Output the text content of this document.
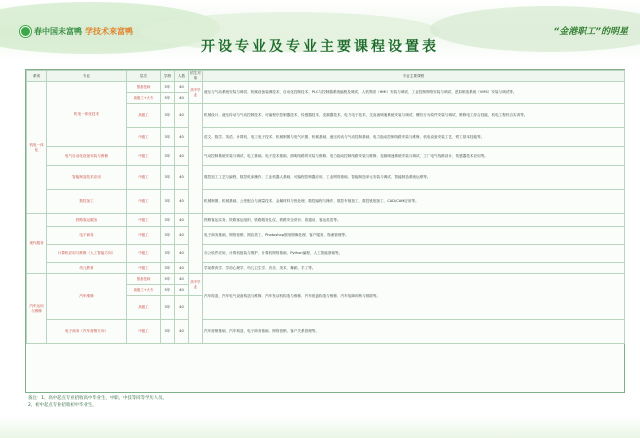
春中国未富鸭 学技术来富鸭	“金港职工”的明星
开设专业及专业主要课程设置表
系别	专业	层次	学制	人数	招生对象	专业主要课程
机电一体化	机电一体化技术	预备技师	5年	40	高中毕业	液压与气动系统安装与调试、机械设备装调技术、自动化控制技术、PLC与控制器系统编程及调试、人机界面（HMI）安装与调试、工业控制网络安装与调试、虚拟制造系统（VMS）安装与调试等。
		高级工+大专	5年	40		
		高级工	3年	40		机械设计、液压传动与气动控制技术、可编程序控制器技术、传感器技术、变频器技术、电力电子技术、交直流调速系统安装与调试、螺纹行为原件安装与调试、维修电工综合技能、机电工程综合实训等。
		中级工	3年	40		语文、数学、英语、计算机、电工电子技术、机械制图与电气识图、机械基础、液压传动与气动控制基础、电力拖动控制线路安装与维修、机电设备安装工艺、钳工基本技能等。
	电气自动化设备安装与维修	中级工	3年	40		气动控制系统安装与调试、电工基础、电子技术基础、照明线路的安装与维修、电力拖动控制线路安装与维修、变频调速系统安装与调试、工厂电气线路设计、传感器技术应用等。
	智能制造技术应用	中级工	3年	40		数控加工工艺与编程、数控机床操作、工业机器人基础、可编程控制器应用、工业网络基础、智能制造单元安装与调试、智能制造系统运维等。
	数控加工	中级工	3年	40		机械制图、机械基础、公差配合与测量技术、金属材料与热处理、数控编程与操作、数控车削加工、数控铣削加工、CAD/CAM应用等。
现代服务	铁路客运服务	中级工	3年	40		铁路客运实务、铁路客运组织、铁路服务礼仪、铁路安全常识、普通话、客运英语等。
	电子商务	中级工	3年	40		电子商务基础、网络营销、网店美工、Photoshop图形图像处理、客户服务、物流管理等。
	计算机应用与维修（人工智能方向）	中级工	3年	40		办公软件应用、计算机组装与维护、计算机网络基础、Python编程、人工智能基础等。
	幼儿教育	中级工	3年	40		学前教育学、学前心理学、幼儿卫生学、音乐、美术、舞蹈、手工等。
汽车运用与维修	汽车维修	预备技师	5年	40	高中毕业	汽车构造、汽车电气设备构造与维修、汽车发动机构造与维修、汽车底盘构造与维修、汽车故障诊断与排除等。
		高级工+大专	5年	40		
		高级工	3年	40		
	电子商务（汽车营销方向）	中级工	3年	40		汽车营销基础、汽车构造、电子商务基础、网络营销、客户关系管理等。
备注：1、高中起点专业招收高中毕业生、中职、中技等同等学历人员。
2、初中起点专业招收初中毕业生。
